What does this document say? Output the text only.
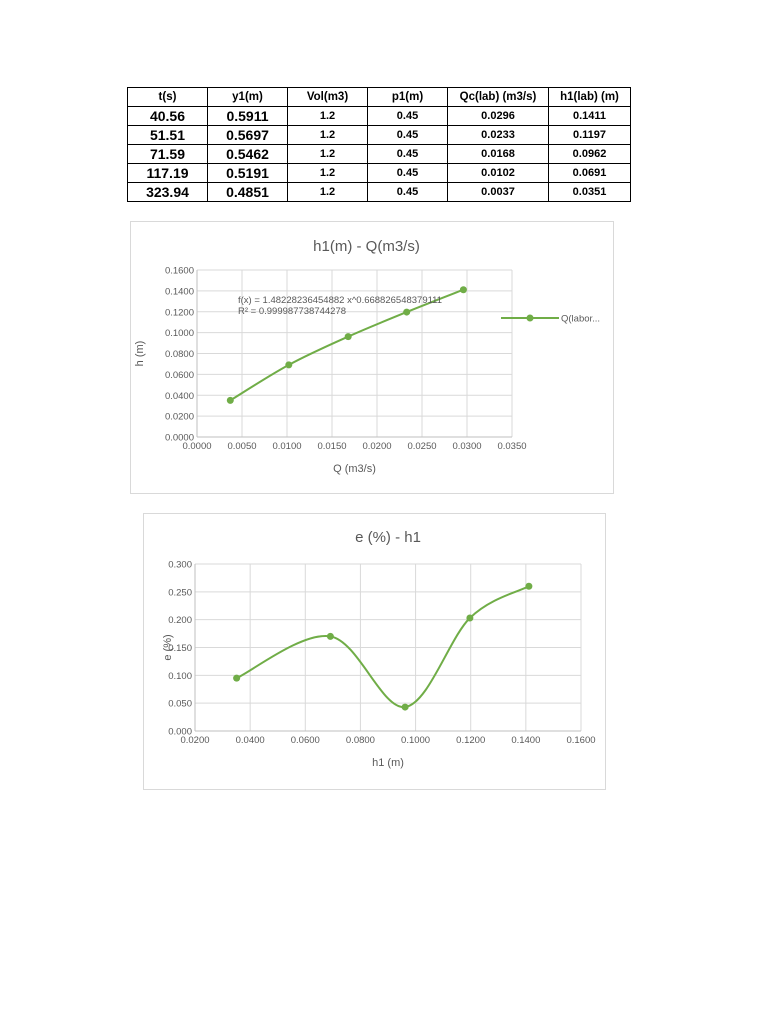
t(s)	y1(m)	Vol(m3)	p1(m)	Qc(lab) (m3/s)	h1(lab) (m)
40.56	0.5911	1.2	0.45	0.0296	0.1411
51.51	0.5697	1.2	0.45	0.0233	0.1197
71.59	0.5462	1.2	0.45	0.0168	0.0962
117.19	0.5191	1.2	0.45	0.0102	0.0691
323.94	0.4851	1.2	0.45	0.0037	0.0351
h1(m) - Q(m3/s)
0.0000
0.0200
0.0400
0.0600
0.0800
0.1000
0.1200
0.1400
0.1600
0.0000 0.0050 0.0100 0.0150 0.0200 0.0250 0.0300 0.0350
Q (m3/s)
h (m)
f(x) = 1.48228236454882 x^0.668826548379111
R² = 0.999987738744278
Q(labor...
e (%) - h1
0.000
0.050
0.100
0.150
0.200
0.250
0.300
0.0200	0.0400	0.0600	0.0800	0.1000	0.1200	0.1400	0.1600
h1 (m)
e (%)
